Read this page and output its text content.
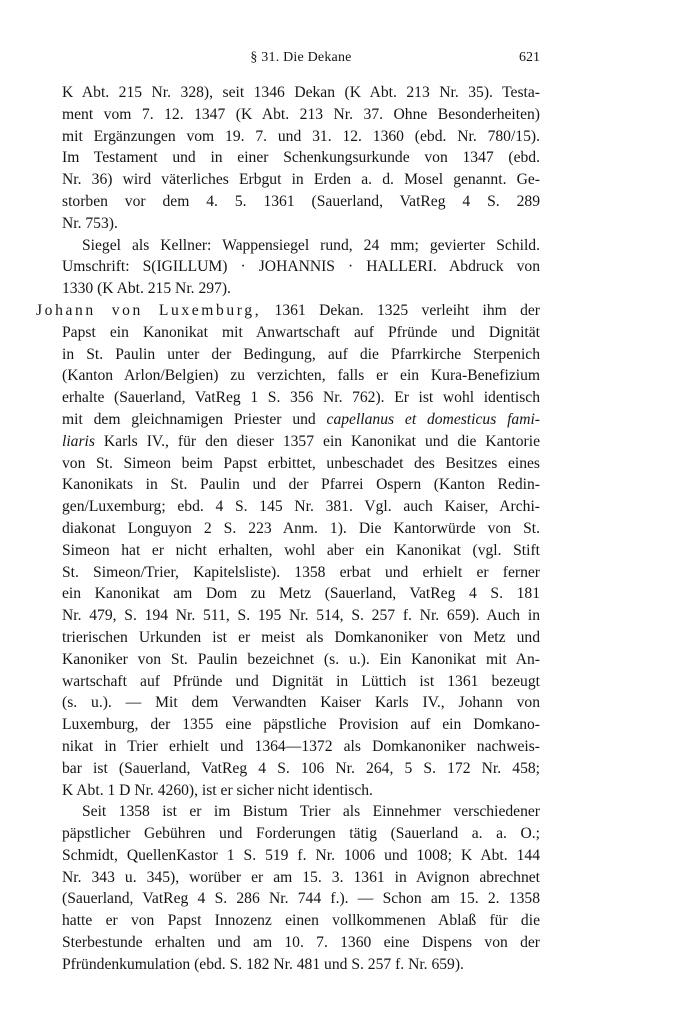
§ 31. Die Dekane	621

K Abt. 215 Nr. 328), seit 1346 Dekan (K Abt. 213 Nr. 35). Testa-
ment vom 7. 12. 1347 (K Abt. 213 Nr. 37. Ohne Besonderheiten)
mit Ergänzungen vom 19. 7. und 31. 12. 1360 (ebd. Nr. 780/15).
Im Testament und in einer Schenkungsurkunde von 1347 (ebd.
Nr. 36) wird väterliches Erbgut in Erden a. d. Mosel genannt. Ge-
storben vor dem 4. 5. 1361 (Sauerland, VatReg 4 S. 289
Nr. 753).

Siegel als Kellner: Wappensiegel rund, 24 mm; gevierter Schild.
Umschrift: S(IGILLUM) · JOHANNIS · HALLERI. Abdruck von
1330 (K Abt. 215 Nr. 297).

Johann von Luxemburg, 1361 Dekan. 1325 verleiht ihm der
Papst ein Kanonikat mit Anwartschaft auf Pfründe und Dignität
in St. Paulin unter der Bedingung, auf die Pfarrkirche Sterpenich
(Kanton Arlon/Belgien) zu verzichten, falls er ein Kura-Benefizium
erhalte (Sauerland, VatReg 1 S. 356 Nr. 762). Er ist wohl identisch
mit dem gleichnamigen Priester und capellanus et domesticus fami-
liaris Karls IV., für den dieser 1357 ein Kanonikat und die Kantorie
von St. Simeon beim Papst erbittet, unbeschadet des Besitzes eines
Kanonikats in St. Paulin und der Pfarrei Ospern (Kanton Redin-
gen/Luxemburg; ebd. 4 S. 145 Nr. 381. Vgl. auch Kaiser, Archi-
diakonat Longuyon 2 S. 223 Anm. 1). Die Kantorwürde von St.
Simeon hat er nicht erhalten, wohl aber ein Kanonikat (vgl. Stift
St. Simeon/Trier, Kapitelsliste). 1358 erbat und erhielt er ferner
ein Kanonikat am Dom zu Metz (Sauerland, VatReg 4 S. 181
Nr. 479, S. 194 Nr. 511, S. 195 Nr. 514, S. 257 f. Nr. 659). Auch in
trierischen Urkunden ist er meist als Domkanoniker von Metz und
Kanoniker von St. Paulin bezeichnet (s. u.). Ein Kanonikat mit An-
wartschaft auf Pfründe und Dignität in Lüttich ist 1361 bezeugt
(s. u.). — Mit dem Verwandten Kaiser Karls IV., Johann von
Luxemburg, der 1355 eine päpstliche Provision auf ein Domkano-
nikat in Trier erhielt und 1364—1372 als Domkanoniker nachweis-
bar ist (Sauerland, VatReg 4 S. 106 Nr. 264, 5 S. 172 Nr. 458;
K Abt. 1 D Nr. 4260), ist er sicher nicht identisch.

Seit 1358 ist er im Bistum Trier als Einnehmer verschiedener
päpstlicher Gebühren und Forderungen tätig (Sauerland a. a. O.;
Schmidt, QuellenKastor 1 S. 519 f. Nr. 1006 und 1008; K Abt. 144
Nr. 343 u. 345), worüber er am 15. 3. 1361 in Avignon abrechnet
(Sauerland, VatReg 4 S. 286 Nr. 744 f.). — Schon am 15. 2. 1358
hatte er von Papst Innozenz einen vollkommenen Ablaß für die
Sterbestunde erhalten und am 10. 7. 1360 eine Dispens von der
Pfründenkumulation (ebd. S. 182 Nr. 481 und S. 257 f. Nr. 659).
